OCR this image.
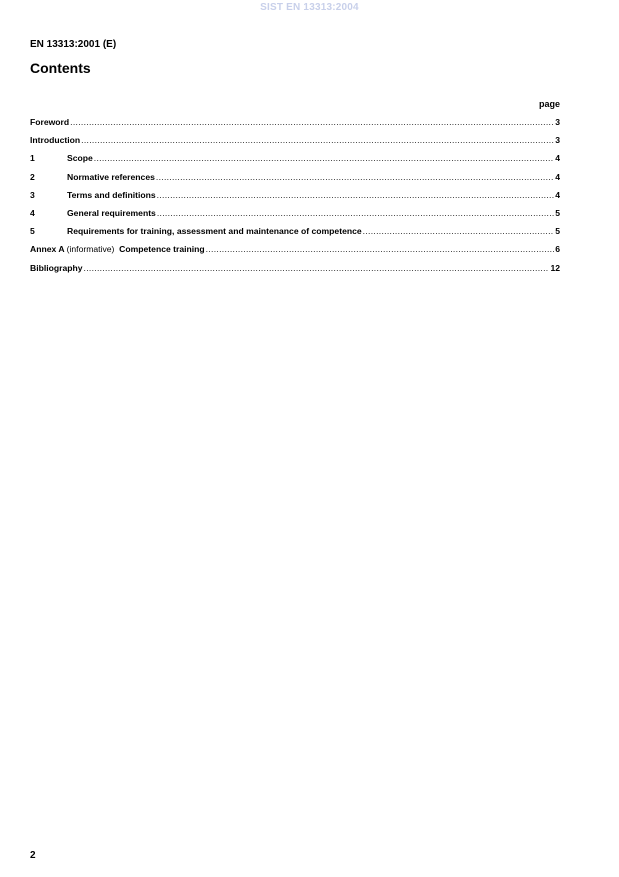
SIST EN 13313:2004
EN 13313:2001 (E)
Contents
page
Foreword .....	3
Introduction .....	3
1	Scope .....	4
2	Normative references .....	4
3	Terms and definitions .....	4
4	General requirements .....	5
5	Requirements for training, assessment and maintenance of competence .....	5
Annex A (informative) Competence training .....	6
Bibliography .....	12
2
